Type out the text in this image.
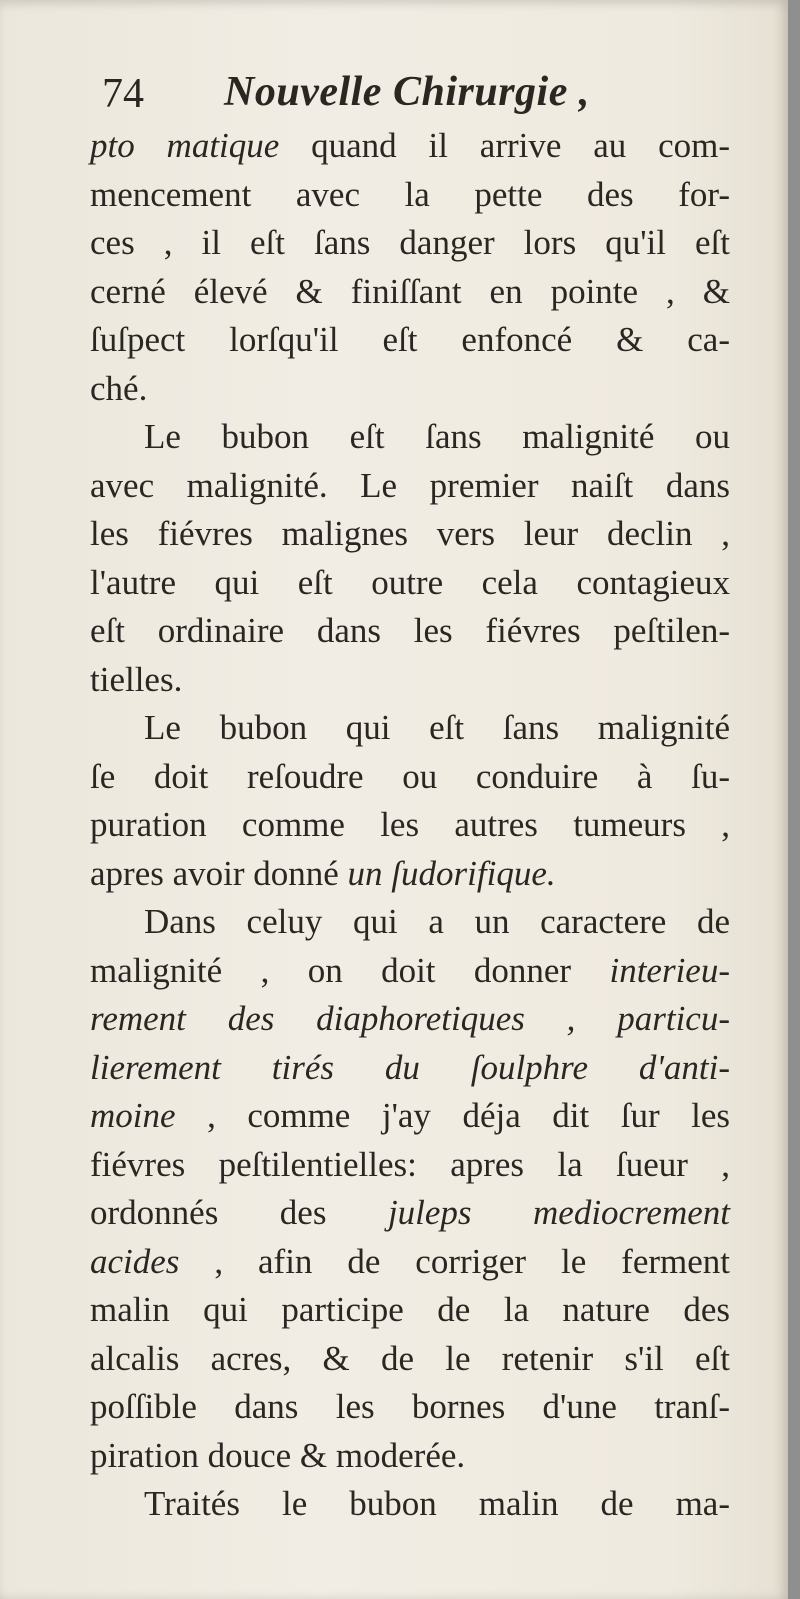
74 Nouvelle Chirurgie ,
pto matique quand il arrive au com-
mencement avec la pette des for-
ces , il eſt ſans danger lors qu'il eſt
cerné élevé & finiſſant en pointe , &
ſuſpect lorſqu'il eſt enfoncé & ca-
ché.
Le bubon eſt ſans malignité ou
avec malignité. Le premier naiſt dans
les fiévres malignes vers leur declin ,
l'autre qui eſt outre cela contagieux
eſt ordinaire dans les fiévres peſtilen-
tielles.
Le bubon qui eſt ſans malignité
ſe doit reſoudre ou conduire à ſu-
puration comme les autres tumeurs ,
apres avoir donné un ſudorifique.
Dans celuy qui a un caractere de
malignité , on doit donner interieu-
rement des diaphoretiques , particu-
lierement tirés du ſoulphre d'anti-
moine , comme j'ay déja dit ſur les
fiévres peſtilentielles: apres la ſueur ,
ordonnés des juleps mediocrement
acides , afin de corriger le ferment
malin qui participe de la nature des
alcalis acres, & de le retenir s'il eſt
poſſible dans les bornes d'une tranſ-
piration douce & moderée.
Traités le bubon malin de ma-
